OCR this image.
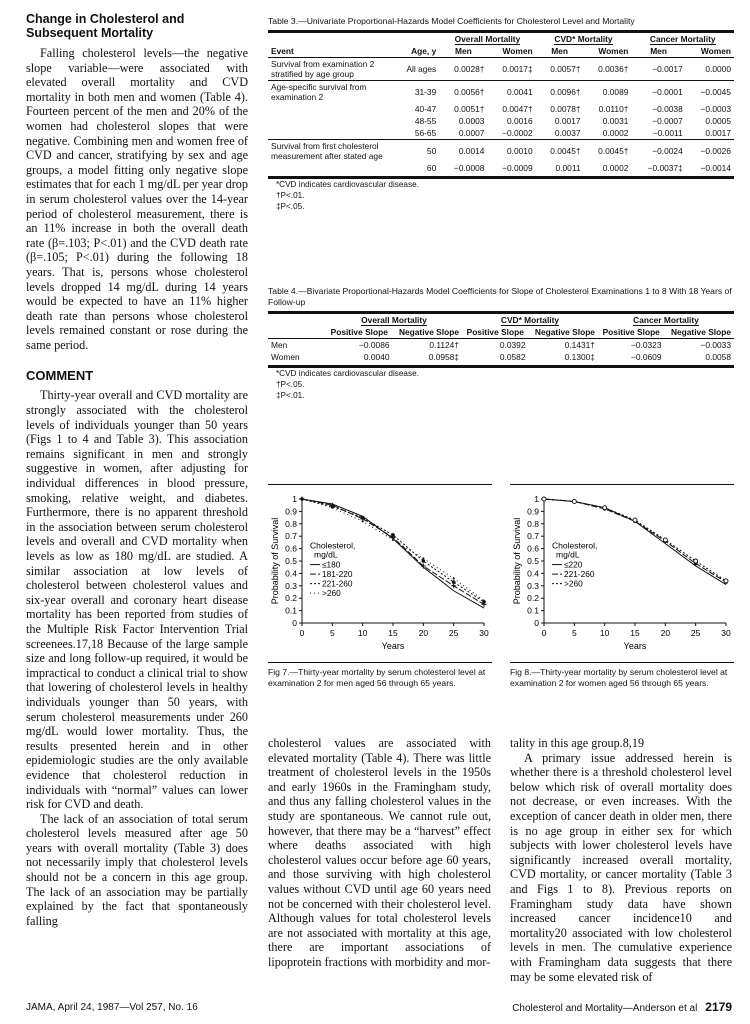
Change in Cholesterol and Subsequent Mortality

Falling cholesterol levels—the negative slope variable—were associated with elevated overall mortality and CVD mortality in both men and women (Table 4). Fourteen percent of the men and 20% of the women had cholesterol slopes that were negative. Combining men and women free of CVD and cancer, stratifying by sex and age groups, a model fitting only negative slope estimates that for each 1 mg/dL per year drop in serum cholesterol values over the 14-year period of cholesterol measurement, there is an 11% increase in both the overall death rate (β=.103; P<.01) and the CVD death rate (β=.105; P<.01) during the following 18 years. That is, persons whose cholesterol levels dropped 14 mg/dL during 14 years would be expected to have an 11% higher death rate than persons whose cholesterol levels remained constant or rose during the same period.

COMMENT

Thirty-year overall and CVD mortality are strongly associated with the cholesterol levels of individuals younger than 50 years (Figs 1 to 4 and Table 3). This association remains significant in men and strongly suggestive in women, after adjusting for individual differences in blood pressure, smoking, relative weight, and diabetes. Furthermore, there is no apparent threshold in the association between serum cholesterol levels and overall and CVD mortality when levels as low as 180 mg/dL are studied. A similar association at low levels of cholesterol between cholesterol values and six-year overall and coronary heart disease mortality has been reported from studies of the Multiple Risk Factor Intervention Trial screenees.17,18 Because of the large sample size and long follow-up required, it would be impractical to conduct a clinical trial to show that lowering of cholesterol levels in healthy individuals younger than 50 years, with serum cholesterol measurements under 260 mg/dL would lower mortality. Thus, the results presented herein and in other epidemiologic studies are the only available evidence that cholesterol reduction in individuals with “normal” values can lower risk for CVD and death.

The lack of an association of total serum cholesterol levels measured after age 50 years with overall mortality (Table 3) does not necessarily imply that cholesterol levels should not be a concern in this age group. The lack of an association may be partially explained by the fact that spontaneously falling

Table 3.—Univariate Proportional-Hazards Model Coefficients for Cholesterol Level and Mortality

		Overall Mortality		CVD* Mortality		Cancer Mortality	
Event	Age, y	Men	Women	Men	Women	Men	Women
Survival from examination 2 stratified by age group	All ages	0.0028†	0.0017‡	0.0057†	0.0036†	−0.0017	0.0000
Age-specific survival from examination 2	31-39	0.0056†	0.0041	0.0096†	0.0089	−0.0001	−0.0045
	40-47	0.0051†	0.0047†	0.0078†	0.0110†	−0.0038	−0.0003
	48-55	0.0003	0.0016	0.0017	0.0031	−0.0007	0.0005
	56-65	0.0007	−0.0002	0.0037	0.0002	−0.0011	0.0017
Survival from first cholesterol measurement after stated age	50	0.0014	0.0010	0.0045†	0.0045†	−0.0024	−0.0026
	60	−0.0008	−0.0009	0.0011	0.0002	−0.0037‡	−0.0014
*CVD indicates cardiovascular disease.
†P<.01.
‡P<.05.

Table 4.—Bivariate Proportional-Hazards Model Coefficients for Slope of Cholesterol Examinations 1 to 8 With 18 Years of Follow-up

	Overall Mortality		CVD* Mortality		Cancer Mortality	
	Positive Slope	Negative Slope	Positive Slope	Negative Slope	Positive Slope	Negative Slope
Men	−0.0086	0.1124†	0.0392	0.1431†	−0.0323	−0.0033
Women	0.0040	0.0958‡	0.0582	0.1300‡	−0.0609	0.0058
*CVD indicates cardiovascular disease.
†P<.05.
‡P<.01.
0
0.1
0.2
0.3
0.4
0.5
0.6
0.7
0.8
0.9
1
0	5	10 15 20 25 30
Years
Probability of Survival	Cholesterol,
mg/dL
≤180
181-220
221-260
>260
Fig 7.—Thirty-year mortality by serum cholesterol level at examination 2 for men aged 56 through 65 years.
0
0.1
0.2
0.3
0.4
0.5
0.6
0.7
0.8
0.9
1
0	5	10 15 20 25 30
Years
Probability of Survival	Cholesterol,
mg/dL
≤220
221-260
>260
Fig 8.—Thirty-year mortality by serum cholesterol level at examination 2 for women aged 56 through 65 years.

cholesterol values are associated with elevated mortality (Table 4). There was little treatment of cholesterol levels in the 1950s and early 1960s in the Framingham study, and thus any falling cholesterol values in the study are spontaneous. We cannot rule out, however, that there may be a “harvest” effect where deaths associated with high cholesterol values occur before age 60 years, and those surviving with high cholesterol values without CVD until age 60 years need not be concerned with their cholesterol level. Although values for total cholesterol levels are not associated with mortality at this age, there are important associations of lipoprotein fractions with morbidity and mor-

tality in this age group.8,19

A primary issue addressed herein is whether there is a threshold cholesterol level below which risk of overall mortality does not decrease, or even increases. With the exception of cancer death in older men, there is no age group in either sex for which subjects with lower cholesterol levels have significantly increased overall mortality, CVD mortality, or cancer mortality (Table 3 and Figs 1 to 8). Previous reports on Framingham study data have shown increased cancer incidence10 and mortality20 associated with low cholesterol levels in men. The cumulative experience with Framingham data suggests that there may be some elevated risk of

JAMA, April 24, 1987—Vol 257, No. 16	Cholesterol and Mortality—Anderson et al 2179
